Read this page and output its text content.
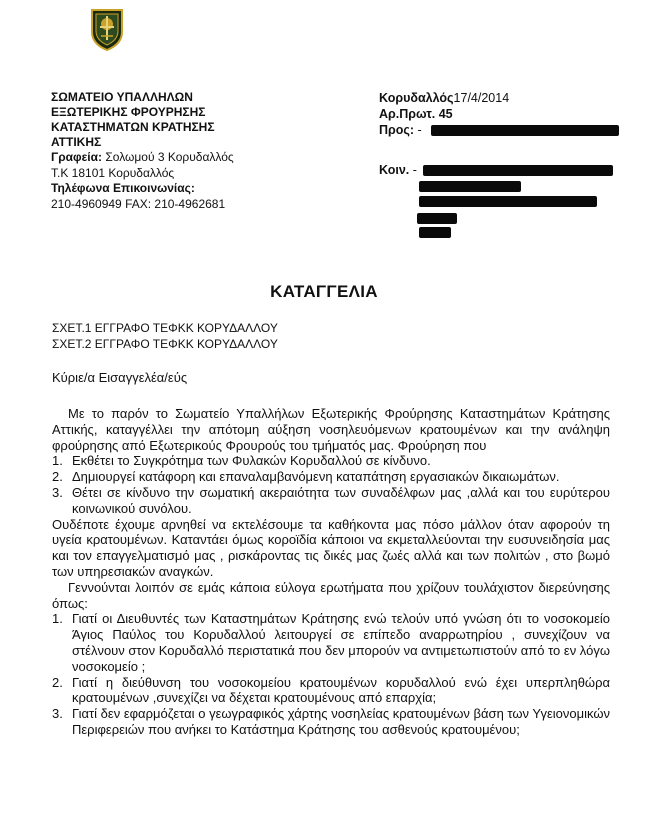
ΣΩΜΑΤΕΙΟ ΥΠΑΛΛΗΛΩΝ

ΕΞΩΤΕΡΙΚΗΣ ΦΡΟΥΡΗΣΗΣ

ΚΑΤΑΣΤΗΜΑΤΩΝ ΚΡΑΤΗΣΗΣ

ΑΤΤΙΚΗΣ

Γραφεία: Σολωμού 3 Κορυδαλλός

Τ.Κ 18101 Κορυδαλλός

Τηλέφωνα Επικοινωνίας:

210-4960949 FAX: 210-4962681

Κορυδαλλός17/4/2014
Αρ.Πρωτ. 45
Προς: -
Κοιν. -
ΚΑΤΑΓΓΕΛΙΑ
ΣΧΕΤ.1 ΕΓΓΡΑΦΟ ΤΕΦΚΚ ΚΟΡΥΔΑΛΛΟΥ
ΣΧΕΤ.2 ΕΓΓΡΑΦΟ ΤΕΦΚΚ ΚΟΡΥΔΑΛΛΟΥ
Κύριε/α Εισαγγελέα/εύς

Με το παρόν το Σωματείο Υπαλλήλων Εξωτερικής Φρούρησης Καταστημάτων Κράτησης Αττικής, καταγγέλλει την απότομη αύξηση νοσηλευόμενων κρατουμένων και την ανάληψη φρούρησης από Εξωτερικούς Φρουρούς του τμήματός μας. Φρούρηση που

1. Εκθέτει το Συγκρότημα των Φυλακών Κορυδαλλού σε κίνδυνο.
2. Δημιουργεί κατάφορη και επαναλαμβανόμενη καταπάτηση εργασιακών δικαιωμάτων.
3. Θέτει σε κίνδυνο την σωματική ακεραιότητα των συναδέλφων μας ,αλλά και του ευρύτερου κοινωνικού συνόλου.

Ουδέποτε έχουμε αρνηθεί να εκτελέσουμε τα καθήκοντα μας πόσο μάλλον όταν αφορούν τη υγεία κρατουμένων. Καταντάει όμως κοροϊδία κάποιοι να εκμεταλλεύονται την ευσυνειδησία μας και τον επαγγελματισμό μας , ρισκάροντας τις δικές μας ζωές αλλά και των πολιτών , στο βωμό των υπηρεσιακών αναγκών.

Γεννούνται λοιπόν σε εμάς κάποια εύλογα ερωτήματα που χρίζουν τουλάχιστον διερεύνησης όπως:

1. Γιατί οι Διευθυντές των Καταστημάτων Κράτησης ενώ τελούν υπό γνώση ότι το νοσοκομείο Άγιος Παύλος του Κορυδαλλού λειτουργεί σε επίπεδο αναρρωτηρίου , συνεχίζουν να στέλνουν στον Κορυδαλλό περιστατικά που δεν μπορούν να αντιμετωπιστούν από το εν λόγω νοσοκομείο ;
2. Γιατί η διεύθυνση του νοσοκομείου κρατουμένων κορυδαλλού ενώ έχει υπερπληθώρα κρατουμένων ,συνεχίζει να δέχεται κρατουμένους από επαρχία;
3. Γιατί δεν εφαρμόζεται ο γεωγραφικός χάρτης νοσηλείας κρατουμένων βάση των Υγειονομικών Περιφερειών που ανήκει το Κατάστημα Κράτησης του ασθενούς κρατουμένου;
